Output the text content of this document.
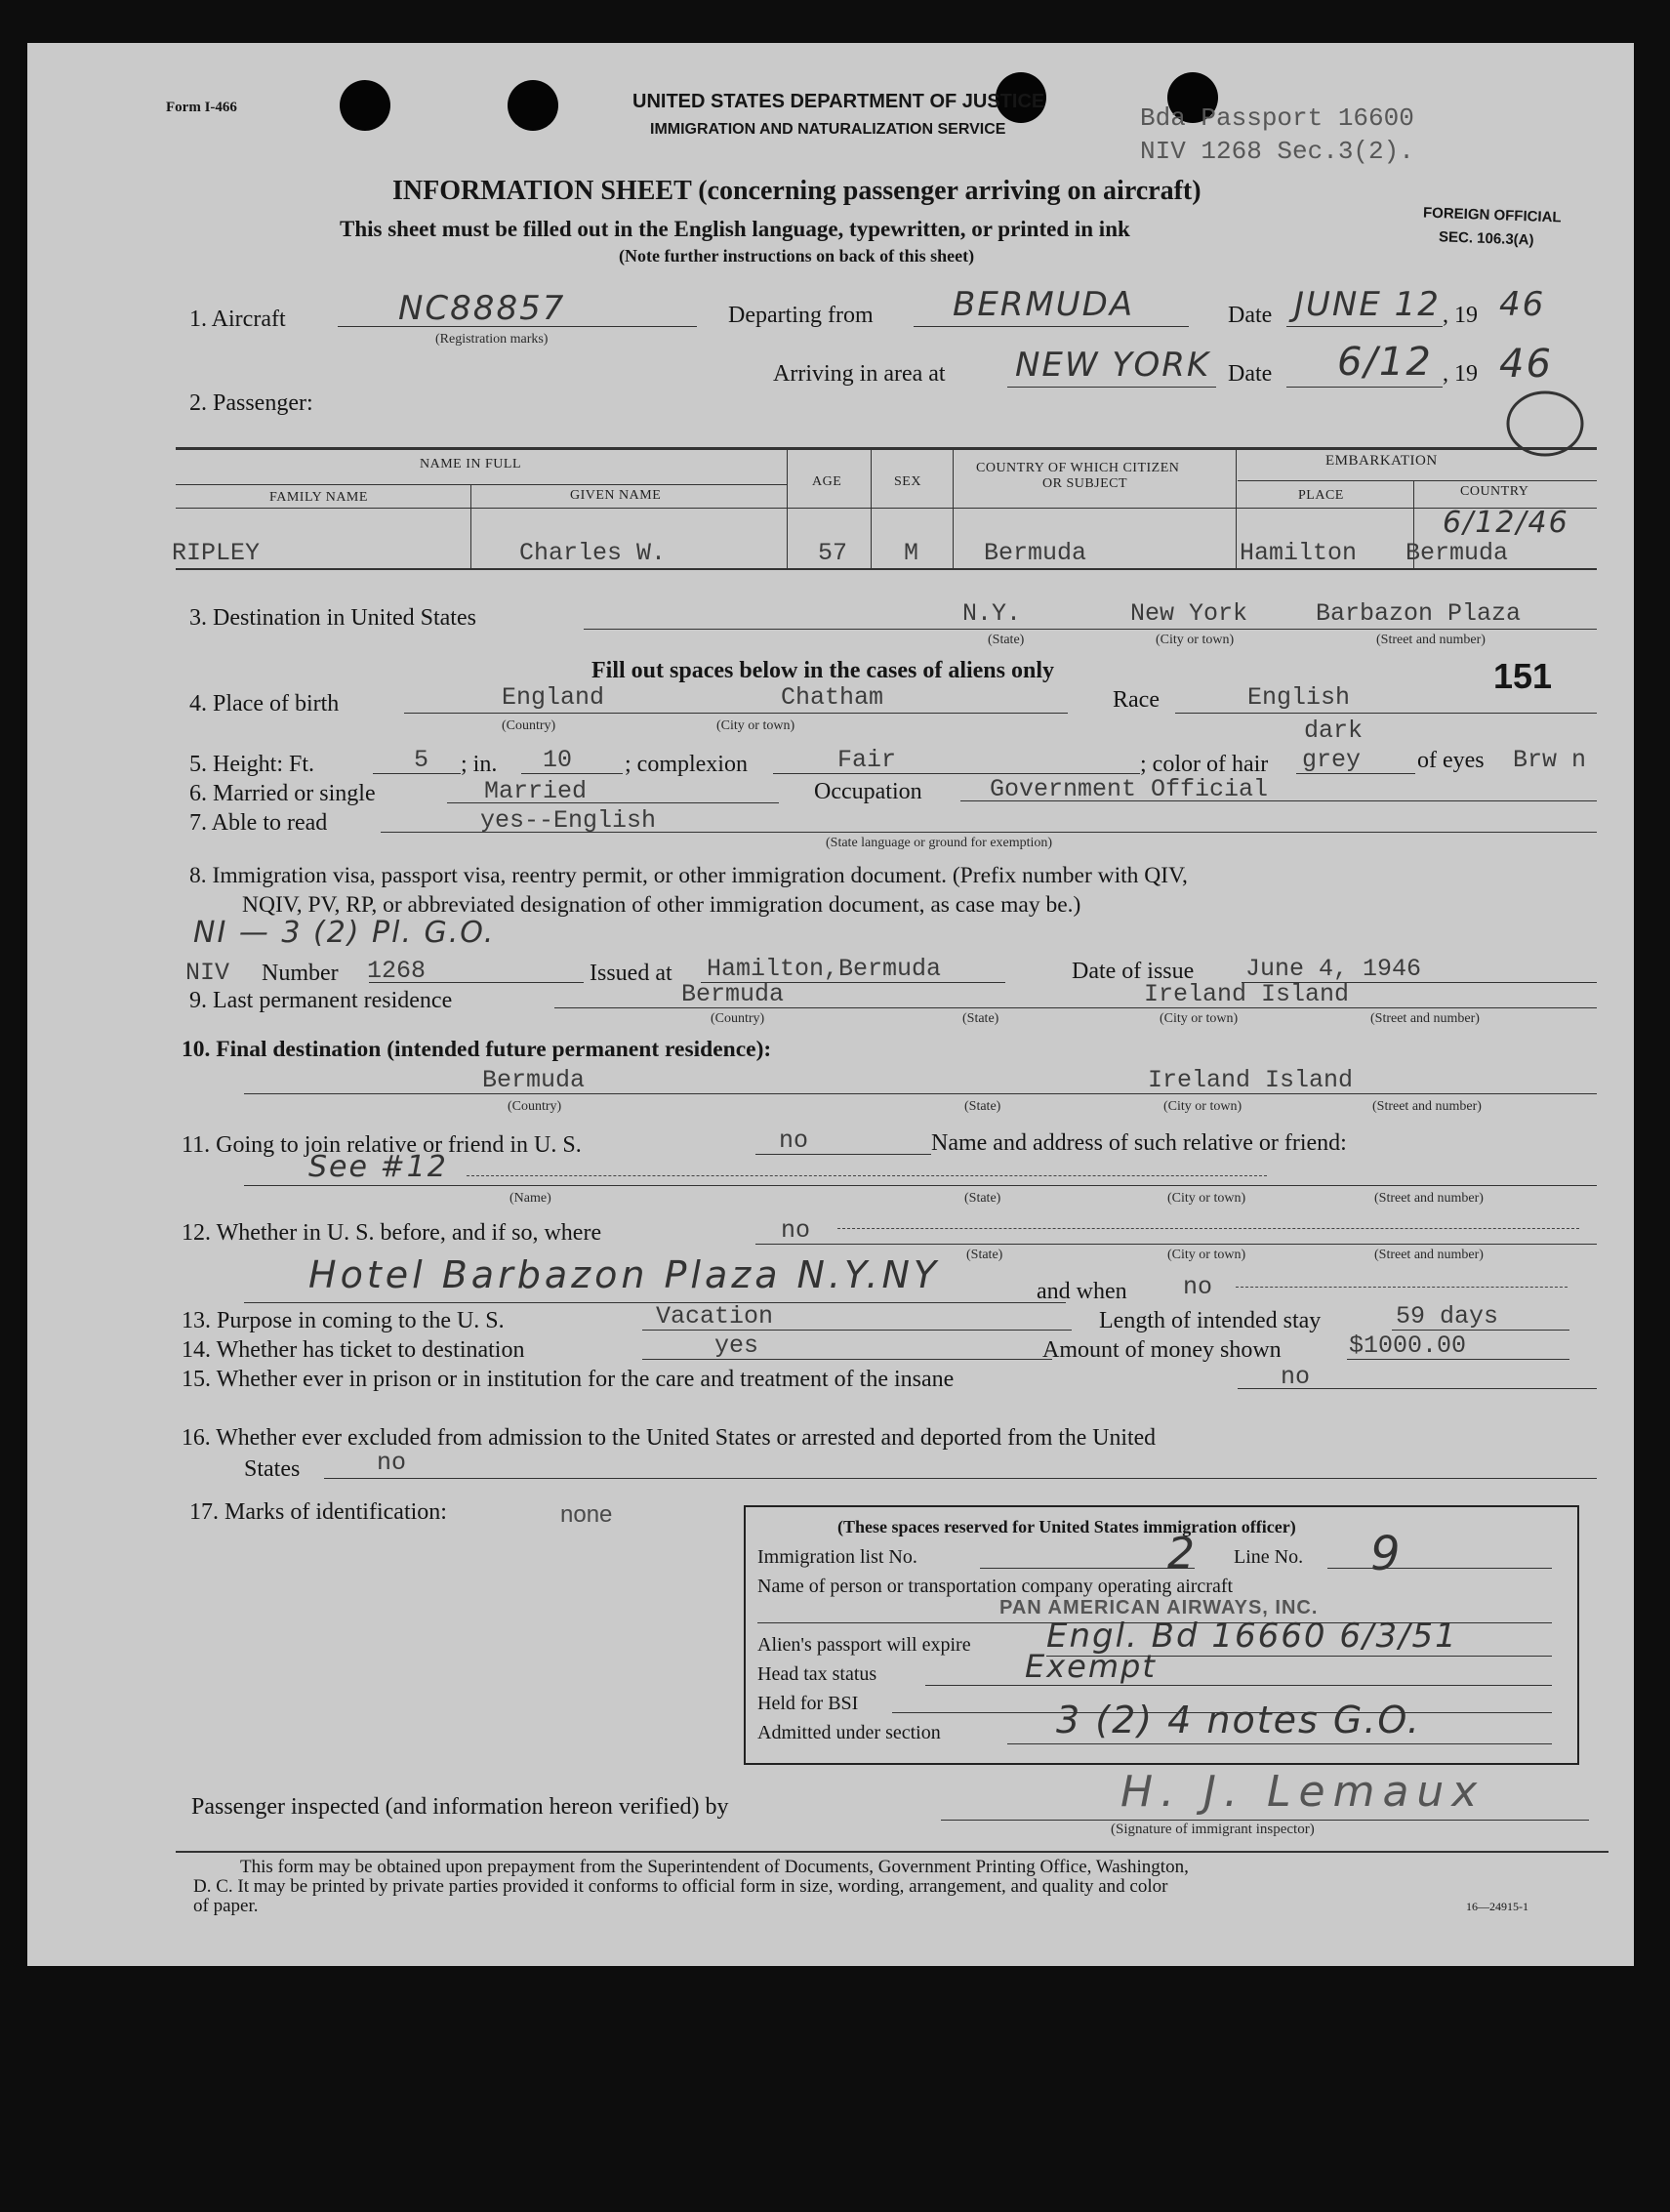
Form I-466	UNITED STATES DEPARTMENT OF JUSTICE
IMMIGRATION AND NATURALIZATION SERVICE	Bda Passport 16600
NIV 1268 Sec.3(2).
FOREIGN OFFICIAL
SEC. 106.3(A)
INFORMATION SHEET (concerning passenger arriving on aircraft)
This sheet must be filled out in the English language, typewritten, or printed in ink
(Note further instructions on back of this sheet)
1. Aircraft	NC88857
(Registration marks)
Departing from BERMUDA	Date JUNE 12 , 19 46
Arriving in area at NEW YORK Date 6/12 , 19 46
2. Passenger:
NAME IN FULL
FAMILY NAME	GIVEN NAME
AGE	SEX
COUNTRY OF WHICH CITIZEN
OR SUBJECT
EMBARKATION
PLACE	COUNTRY
RIPLEY	Charles W.	57 M	Bermuda	Hamilton Bermuda
6/12/46
3. Destination in United States	N.Y.	New York	Barbazon Plaza
(State)	(City or town)	(Street and number)
Fill out spaces below in the cases of aliens only	151
4. Place of birth	England	Chatham
(Country)	(City or town)
Race	English
5. Height: Ft.	5 ; in. 10 ; complexion	Fair	; color of hair
dark
grey of eyes Brw n
6. Married or single	Married	Occupation	Government Official
7. Able to read	yes--English
(State language or ground for exemption)
8. Immigration visa, passport visa, reentry permit, or other immigration document. (Prefix number with QIV,
NQIV, PV, RP, or abbreviated designation of other immigration document, as case may be.)
NI — 3 (2) Pl. G.O.
NIV Number 1268	Issued at Hamilton,Bermuda	Date of issue June 4, 1946
9. Last permanent residence	Bermuda	Ireland Island
(Country)	(State)	(City or town)	(Street and number)
10. Final destination (intended future permanent residence):
Bermuda	Ireland Island
(Country)	(State)	(City or town)	(Street and number)
11. Going to join relative or friend in U. S.	no	Name and address of such relative or friend:
See #12
(Name)	(State)	(City or town)	(Street and number)
12. Whether in U. S. before, and if so, where	no
(State)	(City or town)	(Street and number)
Hotel Barbazon Plaza N.Y.NY	and when no
13. Purpose in coming to the U. S.	Vacation	Length of intended stay	59 days
14. Whether has ticket to destination	yes	Amount of money shown	$1000.00
15. Whether ever in prison or in institution for the care and treatment of the insane	no
16. Whether ever excluded from admission to the United States or arrested and deported from the United
States	no
17. Marks of identification:	none	(These spaces reserved for United States immigration officer)
Immigration list No.	2 Line No. 9
Name of person or transportation company operating aircraft
PAN AMERICAN AIRWAYS, INC.
Alien's passport will expire Engl. Bd 16660 6/3/51
Head tax status	Exempt
Held for BSI
Admitted under section	3 (2) 4 notes G.O.
Passenger inspected (and information hereon verified) by	H. J. Lemaux
(Signature of immigrant inspector)
This form may be obtained upon prepayment from the Superintendent of Documents, Government Printing Office, Washington,
D. C. It may be printed by private parties provided it conforms to official form in size, wording, arrangement, and quality and color
of paper.	16—24915-1
